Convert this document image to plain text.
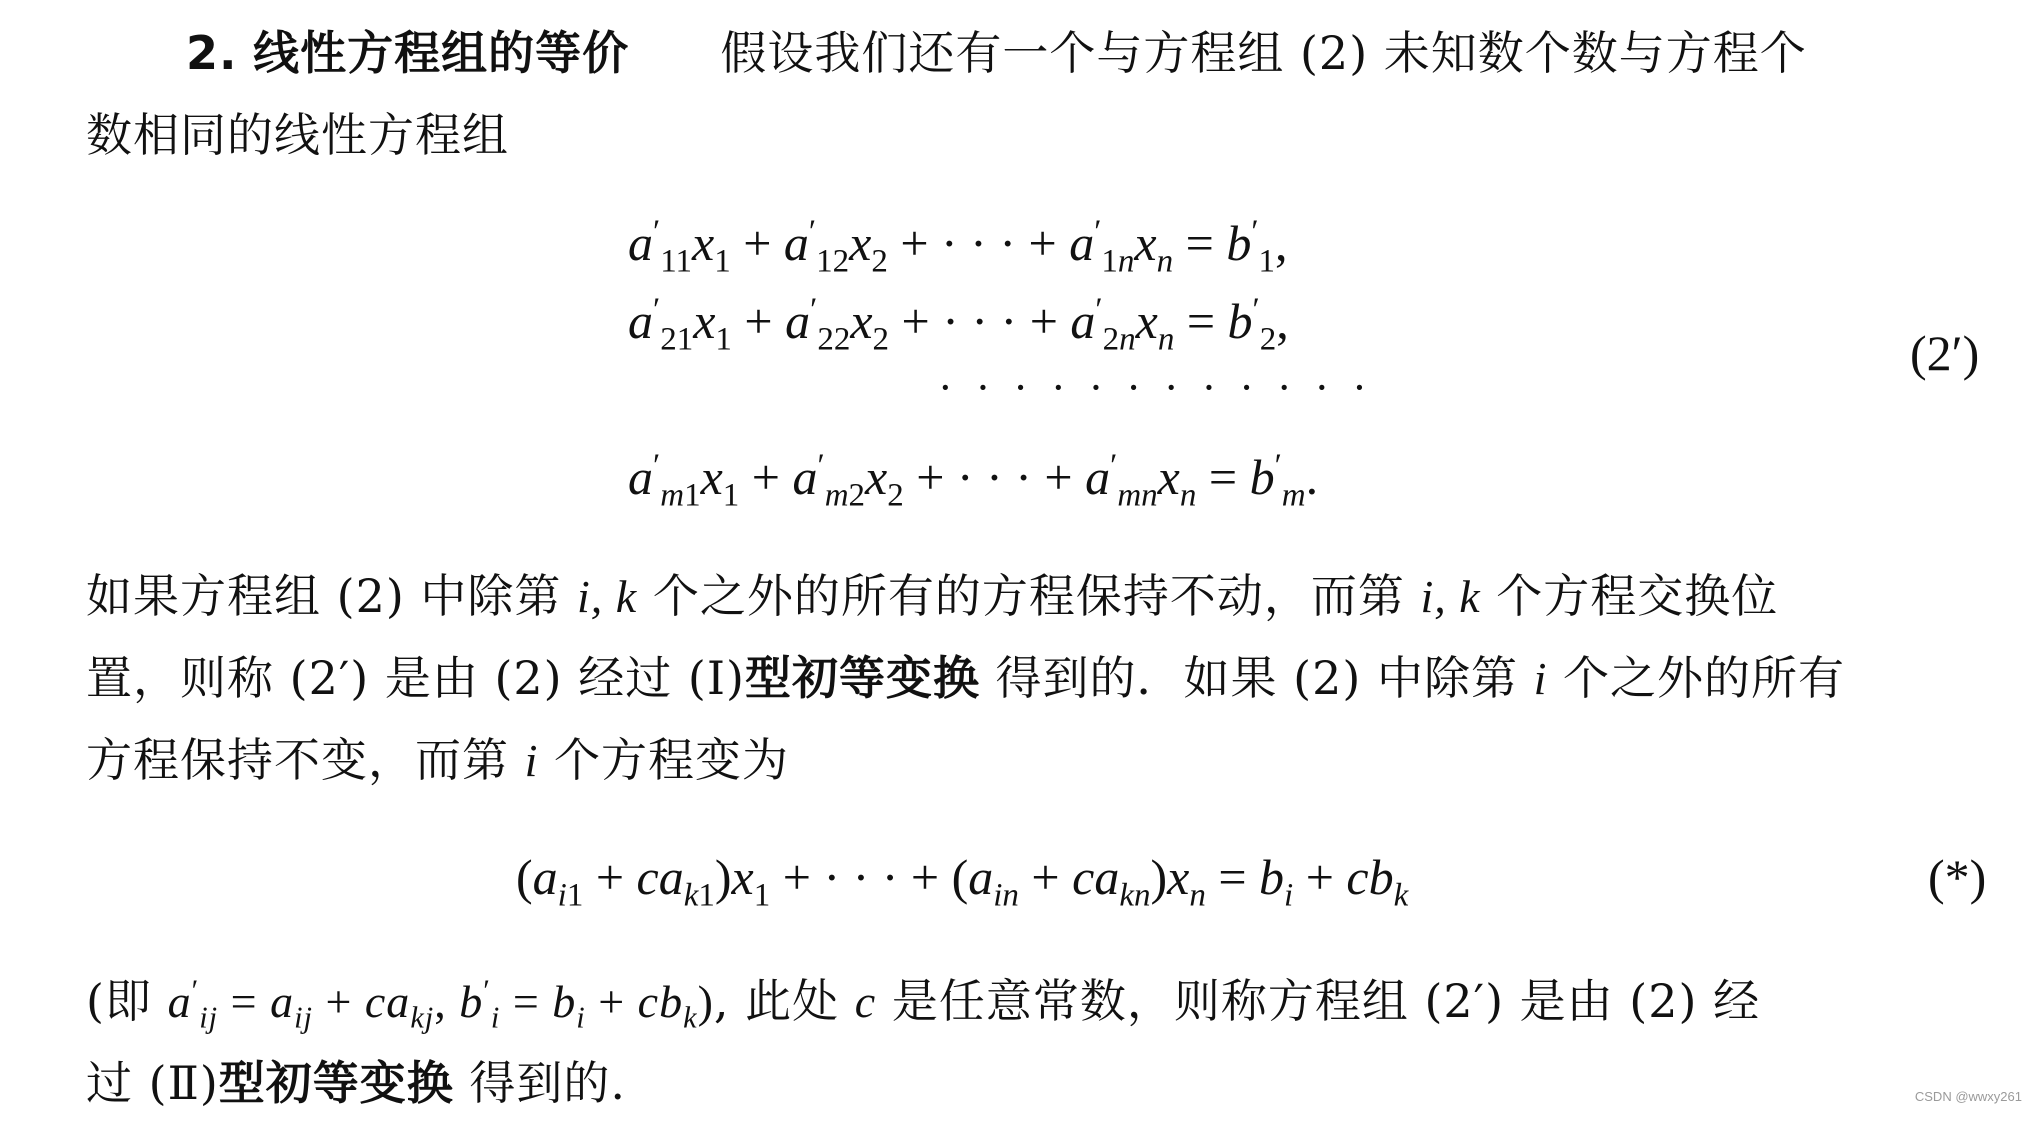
2. 线性方程组的等价 假设我们还有一个与方程组 (2) 未知数个数与方程个
数相同的线性方程组
$a'_{11}x_1 + a'_{12}x_2$ + · · · + $a'_{1n}x_n = b'_1$,
$a'_{21}x_1 + a'_{22}x_2$ + · · · + $a'_{2n}x_n = b'_2$,
· · · · · · · · · · · ·
$a'_{m1}x_1 + a'_{m2}x_2$ + · · · + $a'_{mn}x_n = b'_m$.
(2′)
如果方程组 (2) 中除第 i, k 个之外的所有的方程保持不动，而第 i, k 个方程交换位
置，则称 (2′) 是由 (2) 经过 (I)型初等变换 得到的．如果 (2) 中除第 i 个之外的所有
方程保持不变，而第 i 个方程变为
$(a_{i1} + ca_{k1})x_1$ + · · · + $(a_{in} + ca_{kn})x_n = b_i + cb_k$	(*)
(即 $a'_{ij} = a_{ij} + ca_{kj}$, $b'_i = b_i + cb_k$), 此处 c 是任意常数，则称方程组 (2′) 是由 (2) 经
过 (Ⅱ)型初等变换 得到的.	CSDN @wwxy261
